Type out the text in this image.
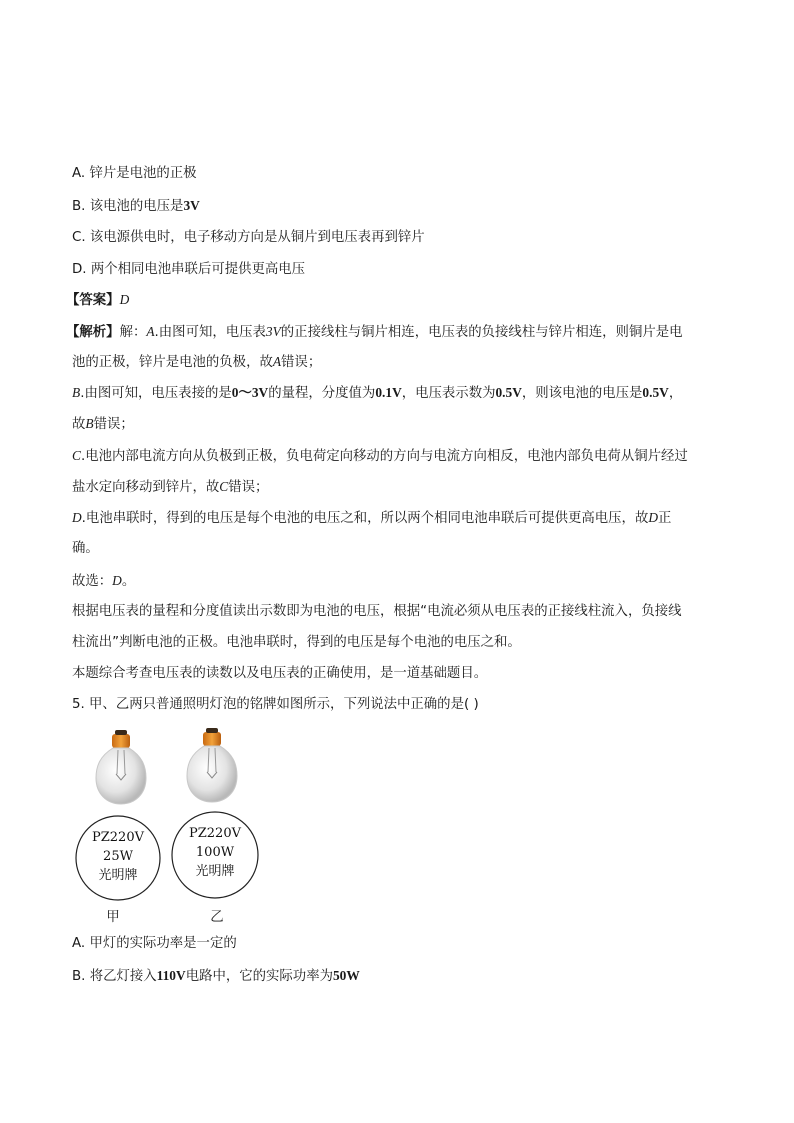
A. 锌片是电池的正极
B. 该电池的电压是3V
C. 该电源供电时，电子移动方向是从铜片到电压表再到锌片
D. 两个相同电池串联后可提供更高电压
【答案】D
【解析】解：A.由图可知，电压表3V的正接线柱与铜片相连，电压表的负接线柱与锌片相连，则铜片是电
池的正极，锌片是电池的负极，故A错误；
B.由图可知，电压表接的是0～3V的量程，分度值为0.1V，电压表示数为0.5V，则该电池的电压是0.5V，
故B错误；
C.电池内部电流方向从负极到正极，负电荷定向移动的方向与电流方向相反，电池内部负电荷从铜片经过
盐水定向移动到锌片，故C错误；
D.电池串联时，得到的电压是每个电池的电压之和，所以两个相同电池串联后可提供更高电压，故D正
确。
故选：D。
根据电压表的量程和分度值读出示数即为电池的电压，根据“电流必须从电压表的正接线柱流入，负接线
柱流出”判断电池的正极。电池串联时，得到的电压是每个电池的电压之和。
本题综合考查电压表的读数以及电压表的正确使用，是一道基础题目。
5. 甲、乙两只普通照明灯泡的铭牌如图所示，下列说法中正确的是( )
PZ220V
25W
光明牌
PZ220V
100W
光明牌
甲	乙
A. 甲灯的实际功率是一定的
B. 将乙灯接入110V电路中，它的实际功率为50W
